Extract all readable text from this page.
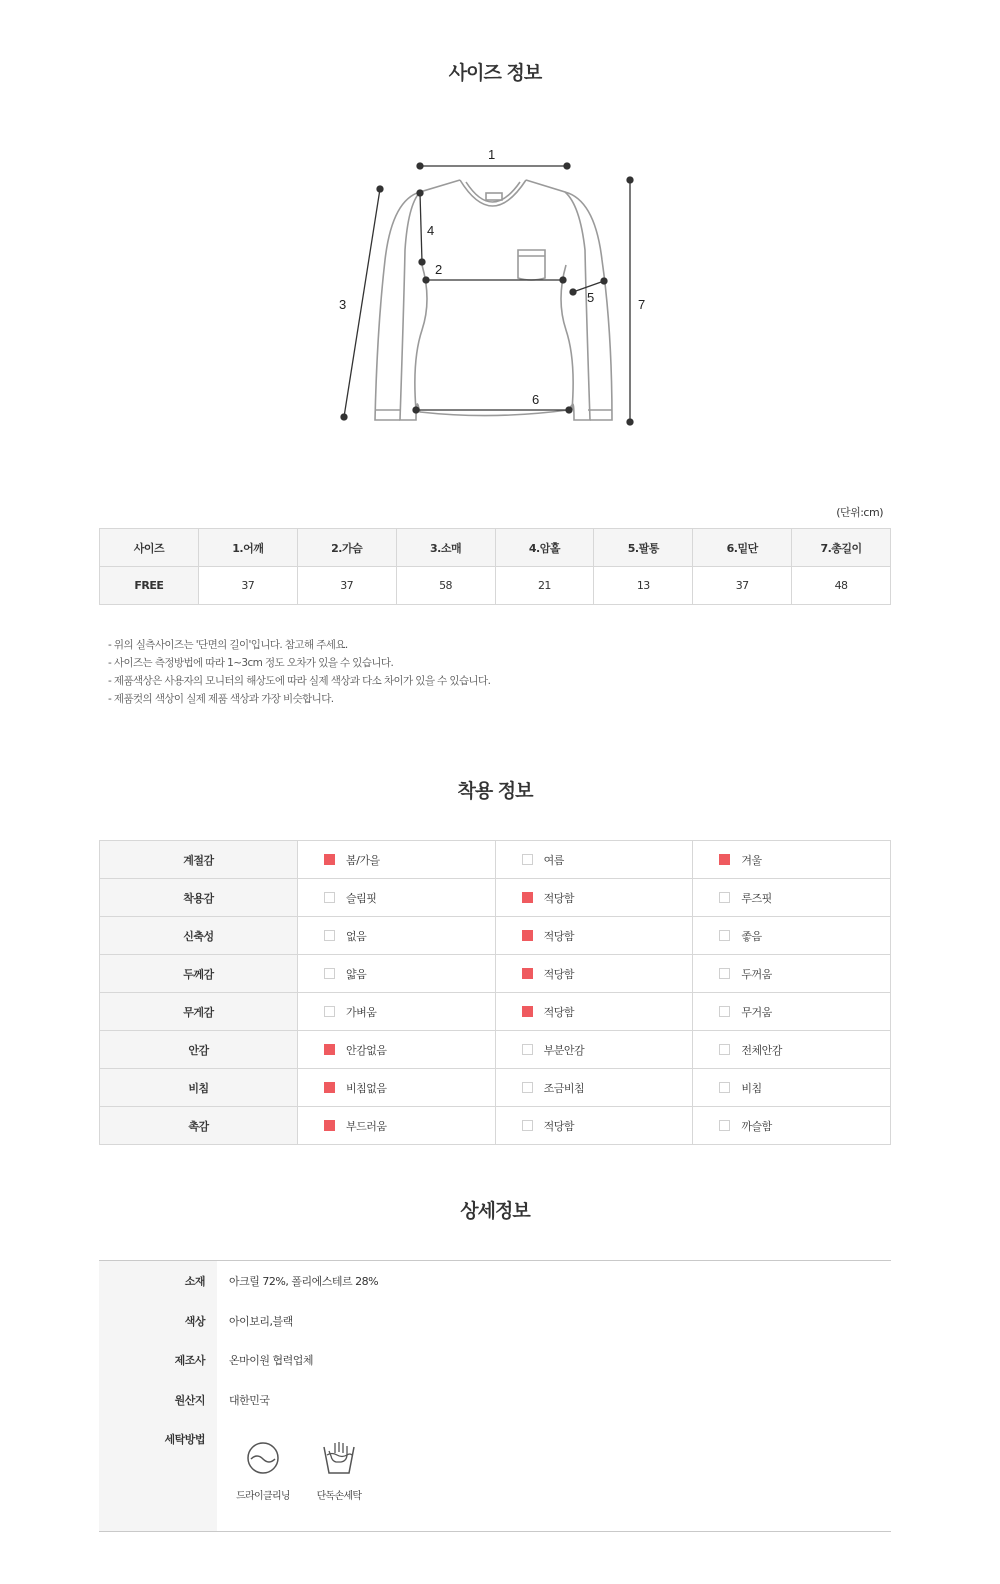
사이즈 정보
1
2
3
4
5
6
7
(단위:cm)
사이즈	1.어깨	2.가슴	3.소매	4.암홀	5.팔통	6.밑단	7.총길이
FREE	37	37	58	21	13	37	48
- 위의 실측사이즈는 '단면의 길이'입니다. 참고해 주세요.
- 사이즈는 측정방법에 따라 1~3cm 정도 오차가 있을 수 있습니다.
- 제품색상은 사용자의 모니터의 해상도에 따라 실제 색상과 다소 차이가 있을 수 있습니다.
- 제품컷의 색상이 실제 제품 색상과 가장 비슷합니다.
착용 정보
계절감	봄/가을	여름	겨울
착용감	슬림핏	적당함	루즈핏
신축성	없음	적당함	좋음
두께감	얇음	적당함	두꺼움
무게감	가벼움	적당함	무거움
안감	안감없음	부분안감	전체안감
비침	비침없음	조금비침	비침
촉감	부드러움	적당함	까슬함
상세정보
소재 아크릴 72%, 폴리에스테르 28%
색상 아이보리,블랙
제조사 온마이원 협력업체
원산지 대한민국
세탁방법
드라이클리닝	단독손세탁
